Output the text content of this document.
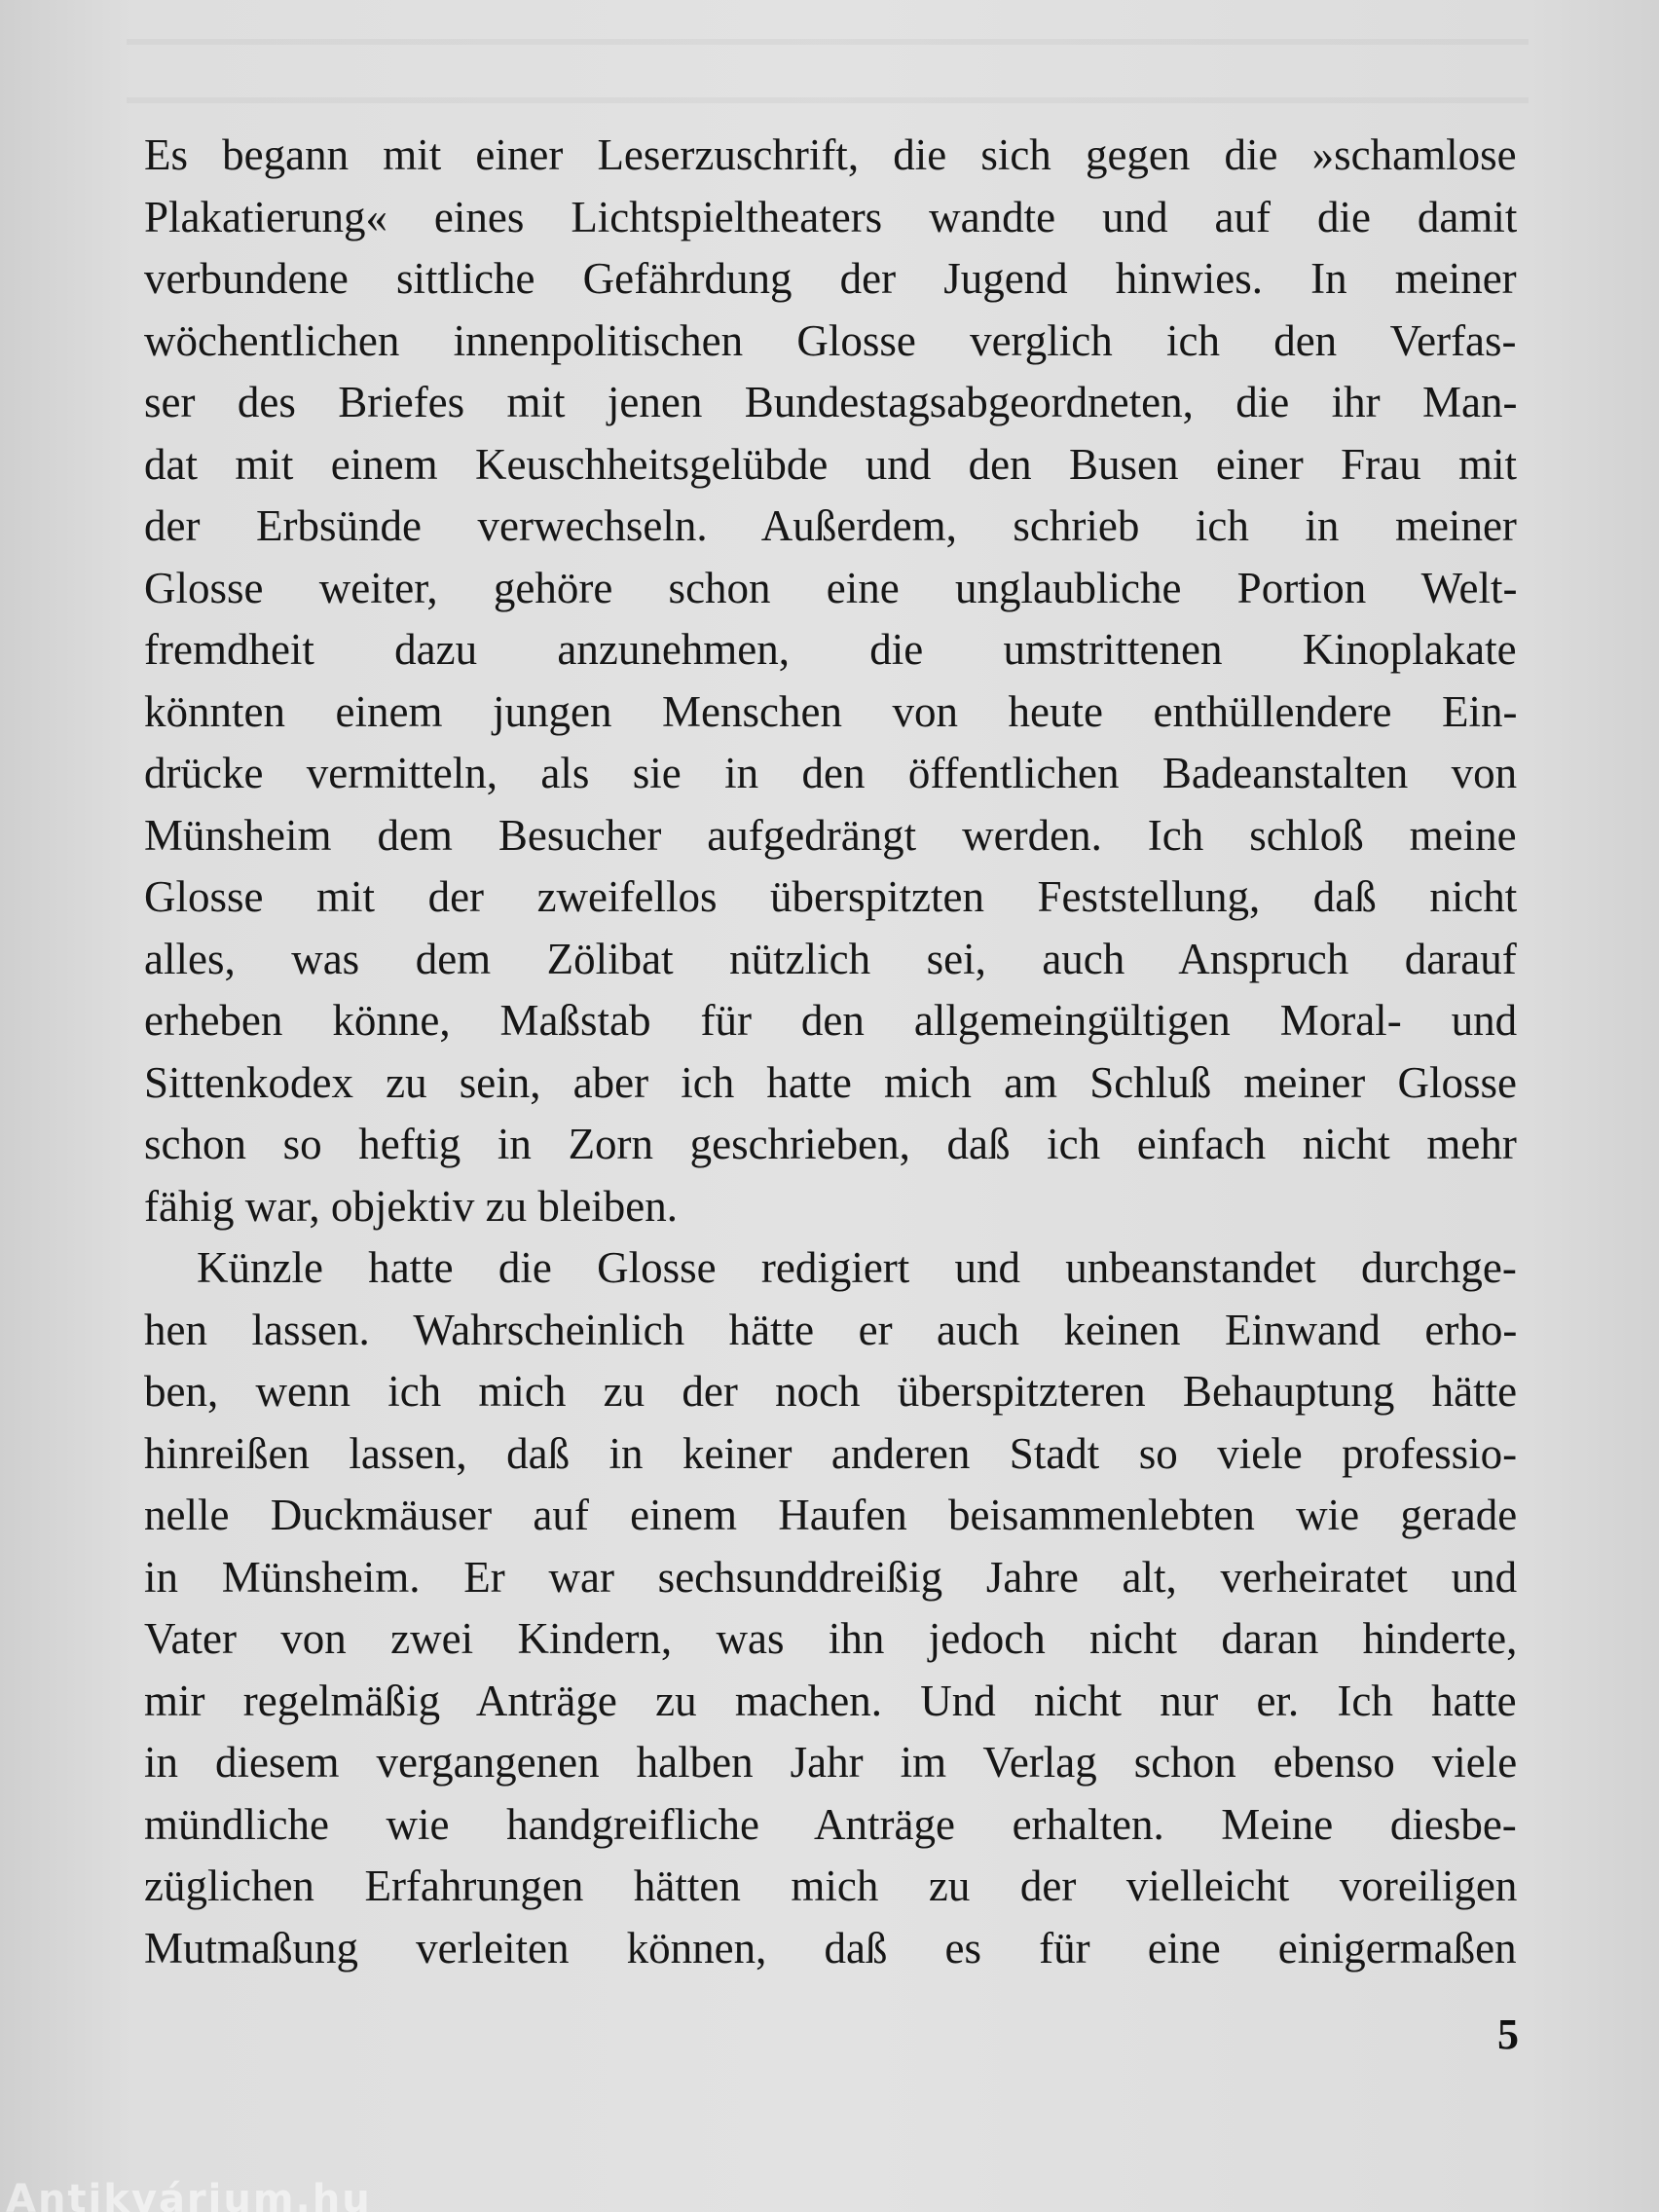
Es begann mit einer Leserzuschrift, die sich gegen die »schamlose
Plakatierung« eines Lichtspieltheaters wandte und auf die damit
verbundene sittliche Gefährdung der Jugend hinwies. In meiner
wöchentlichen innenpolitischen Glosse verglich ich den Verfas-
ser des Briefes mit jenen Bundestagsabgeordneten, die ihr Man-
dat mit einem Keuschheitsgelübde und den Busen einer Frau mit
der Erbsünde verwechseln. Außerdem, schrieb ich in meiner
Glosse weiter, gehöre schon eine unglaubliche Portion Welt-
fremdheit dazu anzunehmen, die umstrittenen Kinoplakate
könnten einem jungen Menschen von heute enthüllendere Ein-
drücke vermitteln, als sie in den öffentlichen Badeanstalten von
Münsheim dem Besucher aufgedrängt werden. Ich schloß meine
Glosse mit der zweifellos überspitzten Feststellung, daß nicht
alles, was dem Zölibat nützlich sei, auch Anspruch darauf
erheben könne, Maßstab für den allgemeingültigen Moral- und
Sittenkodex zu sein, aber ich hatte mich am Schluß meiner Glosse
schon so heftig in Zorn geschrieben, daß ich einfach nicht mehr
fähig war, objektiv zu bleiben.
Künzle hatte die Glosse redigiert und unbeanstandet durchge-
hen lassen. Wahrscheinlich hätte er auch keinen Einwand erho-
ben, wenn ich mich zu der noch überspitzteren Behauptung hätte
hinreißen lassen, daß in keiner anderen Stadt so viele professio-
nelle Duckmäuser auf einem Haufen beisammenlebten wie gerade
in Münsheim. Er war sechsunddreißig Jahre alt, verheiratet und
Vater von zwei Kindern, was ihn jedoch nicht daran hinderte,
mir regelmäßig Anträge zu machen. Und nicht nur er. Ich hatte
in diesem vergangenen halben Jahr im Verlag schon ebenso viele
mündliche wie handgreifliche Anträge erhalten. Meine diesbe-
züglichen Erfahrungen hätten mich zu der vielleicht voreiligen
Mutmaßung verleiten können, daß es für eine einigermaßen
5
Antikvárium.hu
